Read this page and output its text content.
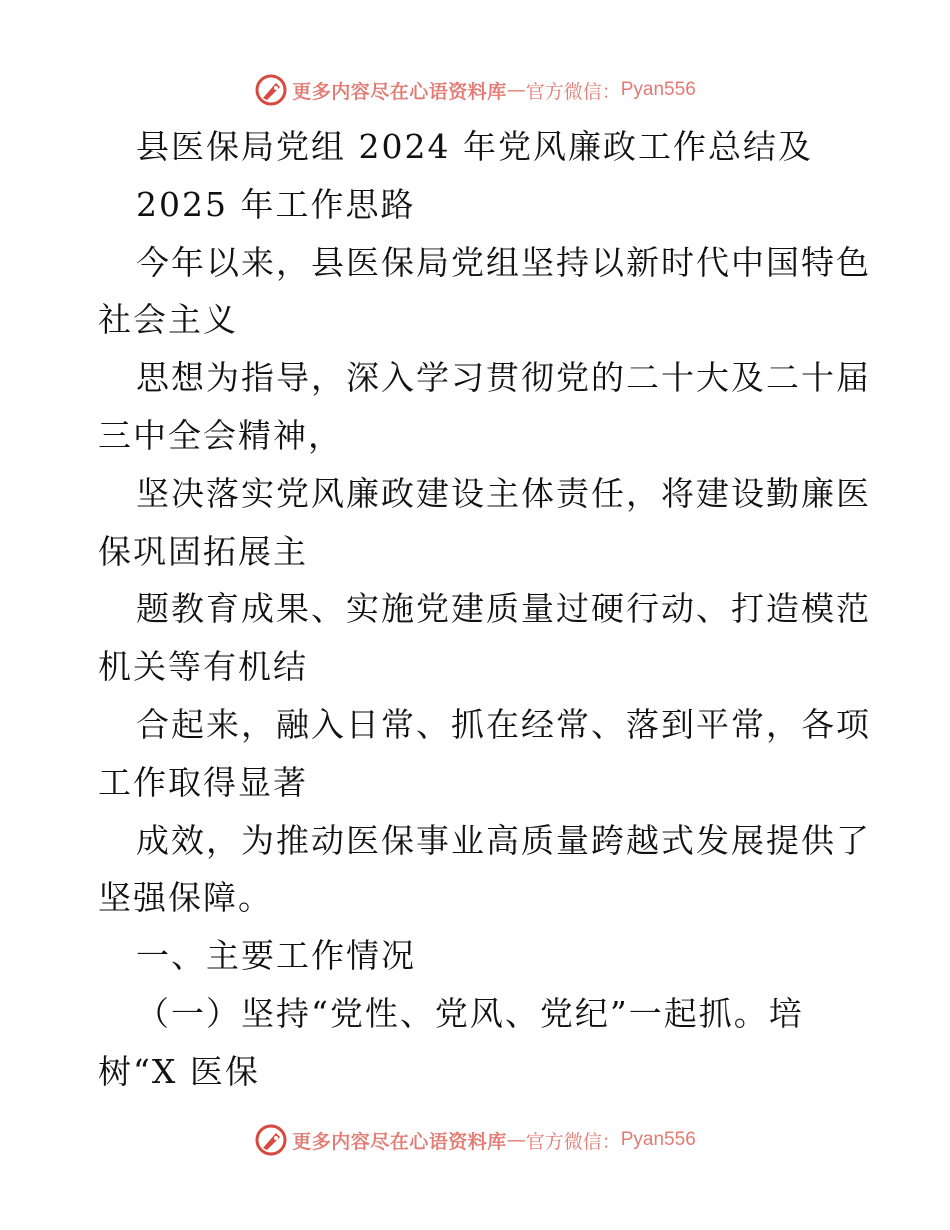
更多内容尽在心语资料库 — 官方微信： Pyan556
县医保局党组 2024 年党风廉政工作总结及
2025 年工作思路
今年以来，县医保局党组坚持以新时代中国特色
社会主义
思想为指导，深入学习贯彻党的二十大及二十届
三中全会精神，
坚决落实党风廉政建设主体责任，将建设勤廉医
保巩固拓展主
题教育成果、实施党建质量过硬行动、打造模范
机关等有机结
合起来，融入日常、抓在经常、落到平常，各项
工作取得显著
成效，为推动医保事业高质量跨越式发展提供了
坚强保障。
一、主要工作情况
（一）坚持“党性、党风、党纪”一起抓。培
树“X 医保
更多内容尽在心语资料库 — 官方微信： Pyan556
